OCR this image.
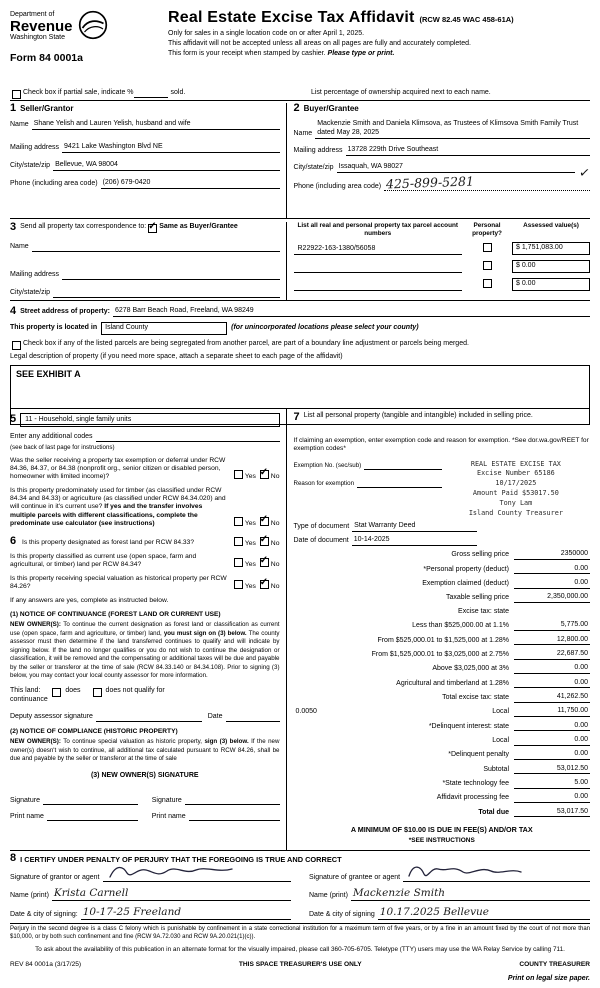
Department of
Revenue
Washington State
Form 84 0001a
Real Estate Excise Tax Affidavit (RCW 82.45 WAC 458-61A)
Only for sales in a single location code on or after April 1, 2025.
This affidavit will not be accepted unless all areas on all pages are fully and accurately completed.
This form is your receipt when stamped by cashier. Please type or print.
Check box if partial sale, indicate %	sold.	List percentage of ownership acquired next to each name.
1 Seller/Grantor
Name Shane Yelish and Lauren Yelish, husband and wife
Mailing address 9421 Lake Washington Blvd NE
City/state/zip Bellevue, WA 98004
Phone (including area code) (206) 679-0420
2 Buyer/Grantee
Name
Mackenzie Smith and Daniela Klimsova, as Trustees of Klimsova Smith Family Trust dated May 28, 2025
Mailing address 13728 229th Drive Southeast
City/state/zip Issaquah, WA 98027	✓
Phone (including area code) 425-899-5281
3 Send all property tax correspondence to: ✓ Same as Buyer/Grantee
Name
Mailing address
City/state/zip
List all real and personal property tax parcel account numbers
Personal property?
Assessed value(s)
R22922-163-1380/56058	$ 1,751,083.00
$ 0.00
$ 0.00
4 Street address of property: 6278 Barr Beach Road, Freeland, WA 98249
This property is located in	Island County	(for unincorporated locations please select your county)
Check box if any of the listed parcels are being segregated from another parcel, are part of a boundary line adjustment or parcels being merged.
Legal description of property (if you need more space, attach a separate sheet to each page of the affidavit)
SEE EXHIBIT A
5	11 - Household, single family units
Enter any additional codes
(see back of last page for instructions)
Was the seller receiving a property tax exemption or deferral under RCW 84.36, 84.37, or 84.38 (nonprofit org., senior citizen or disabled person, homeowner with limited income)?	Yes ✓ No
Is this property predominately used for timber (as classified under RCW 84.34 and 84.33) or agriculture (as classified under RCW 84.34.020) and will continue in it's current use? If yes and the transfer involves multiple parcels with different classifications, complete the predominate use calculator (see instructions)	Yes ✓ No
6 Is this property designated as forest land per RCW 84.33?	Yes ✓ No
Is this property classified as current use (open space, farm and agricultural, or timber) land per RCW 84.34?	Yes ✓ No
Is this property receiving special valuation as historical property per RCW 84.26?	Yes ✓ No
If any answers are yes, complete as instructed below.
(1) NOTICE OF CONTINUANCE (FOREST LAND OR CURRENT USE)
NEW OWNER(S): To continue the current designation as forest land or classification as current use (open space, farm and agriculture, or timber) land, you must sign on (3) below. The county assessor must then determine if the land transferred continues to qualify and will indicate by signing below. If the land no longer qualifies or you do not wish to continue the designation or classification, it will be removed and the compensating or additional taxes will be due and payable by the seller or transferor at the time of sale (RCW 84.33.140 or 84.34.108). Prior to signing (3) below, you may contact your local county assessor for more information.
This land:	does	does not qualify for
continuance
Deputy assessor signature	Date
(2) NOTICE OF COMPLIANCE (HISTORIC PROPERTY)
NEW OWNER(S): To continue special valuation as historic property, sign (3) below. If the new owner(s) doesn't wish to continue, all additional tax calculated pursuant to RCW 84.26, shall be due and payable by the seller or transferor at the time of sale
(3) NEW OWNER(S) SIGNATURE
Signature
Print name
Signature
Print name
7 List all personal property (tangible and intangible) included in selling price.
If claiming an exemption, enter exemption code and reason for exemption. *See dor.wa.gov/REET for exemption codes*
Exemption No. (sec/sub)
Reason for exemption
REAL ESTATE EXCISE TAX
Excise Number 65186
10/17/2025
Amount Paid $53017.50
Tony Lam
Island County Treasurer
Type of document Stat Warranty Deed
Date of document 10-14-2025
Gross selling price	2350000
*Personal property (deduct)	0.00
Exemption claimed (deduct)	0.00
Taxable selling price	2,350,000.00
Excise tax: state
Less than $525,000.00 at 1.1%	5,775.00
From $525,000.01 to $1,525,000 at 1.28%	12,800.00
From $1,525,000.01 to $3,025,000 at 2.75%	22,687.50
Above $3,025,000 at 3%	0.00
Agricultural and timberland at 1.28%	0.00
Total excise tax: state	41,262.50
0.0050	Local	11,750.00
*Delinquent interest: state	0.00
Local	0.00
*Delinquent penalty	0.00
Subtotal	53,012.50
*State technology fee	5.00
Affidavit processing fee	0.00
Total due	53,017.50
A MINIMUM OF $10.00 IS DUE IN FEE(S) AND/OR TAX
*SEE INSTRUCTIONS
8 I CERTIFY UNDER PENALTY OF PERJURY THAT THE FOREGOING IS TRUE AND CORRECT
Signature of grantor or agent
Name (print) Krista Carnell
Date & city of signing: 10-17-25 Freeland
Signature of grantee or agent
Name (print) Mackenzie Smith
Date & city of signing 10.17.2025 Bellevue
Perjury in the second degree is a class C felony which is punishable by confinement in a state correctional institution for a maximum term of five years, or by a fine in an amount fixed by the court of not more than $10,000, or by both such confinement and fine (RCW 9A.72.030 and RCW 9A.20.021(1)(c)).
To ask about the availability of this publication in an alternate format for the visually impaired, please call 360-705-6705. Teletype (TTY) users may use the WA Relay Service by calling 711.
REV 84 0001a (3/17/25)	THIS SPACE TREASURER'S USE ONLY	COUNTY TREASURER
Print on legal size paper.
